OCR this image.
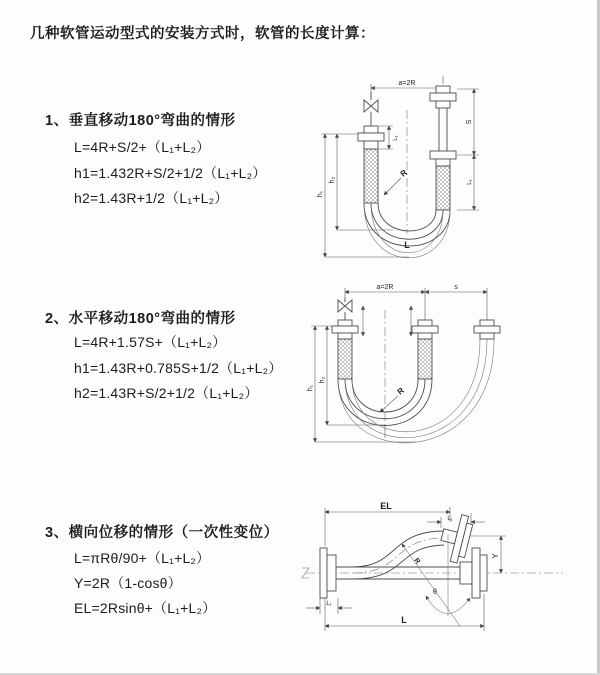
几种软管运动型式的安装方式时，软管的长度计算：
1、垂直移动180°弯曲的情形
L=4R+S/2+（L₁+L₂）
h1=1.432R+S/2+1/2（L₁+L₂）
h2=1.43R+1/2（L₁+L₂）
2、水平移动180°弯曲的情形
L=4R+1.57S+（L₁+L₂）
h1=1.43R+0.785S+1/2（L₁+L₂）
h2=1.43R+S/2+1/2（L₁+L₂）
3、横向位移的情形（一次性变位）
L=πRθ/90+（L₁+L₂）
Y=2R（1-cosθ）
EL=2Rsinθ+（L₁+L₂）
a=2R
L₁
S
L₁
h₁
h₂
R
L
a=2R	s
h₁
h₂
R
EL
L₁
Y
R
θ
L
L₁
